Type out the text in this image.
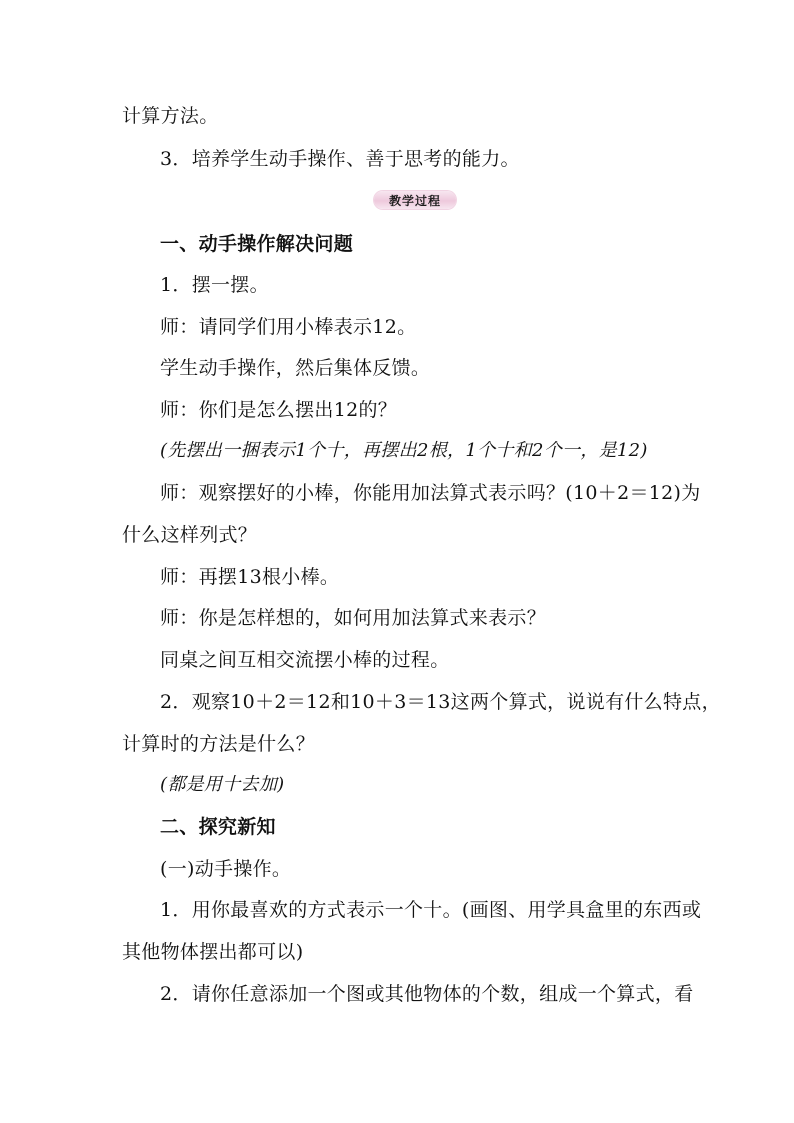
计算方法。
3．培养学生动手操作、善于思考的能力。
教学过程
一、动手操作解决问题
1．摆一摆。
师：请同学们用小棒表示12。
学生动手操作，然后集体反馈。
师：你们是怎么摆出12的？
(先摆出一捆表示1个十，再摆出2根，1个十和2个一，是12)
师：观察摆好的小棒，你能用加法算式表示吗？(10＋2＝12)为
什么这样列式？
师：再摆13根小棒。
师：你是怎样想的，如何用加法算式来表示？
同桌之间互相交流摆小棒的过程。
2．观察10＋2＝12和10＋3＝13这两个算式，说说有什么特点，
计算时的方法是什么？
(都是用十去加)
二、探究新知
(一)动手操作。
1．用你最喜欢的方式表示一个十。(画图、用学具盒里的东西或
其他物体摆出都可以)
2．请你任意添加一个图或其他物体的个数，组成一个算式，看
